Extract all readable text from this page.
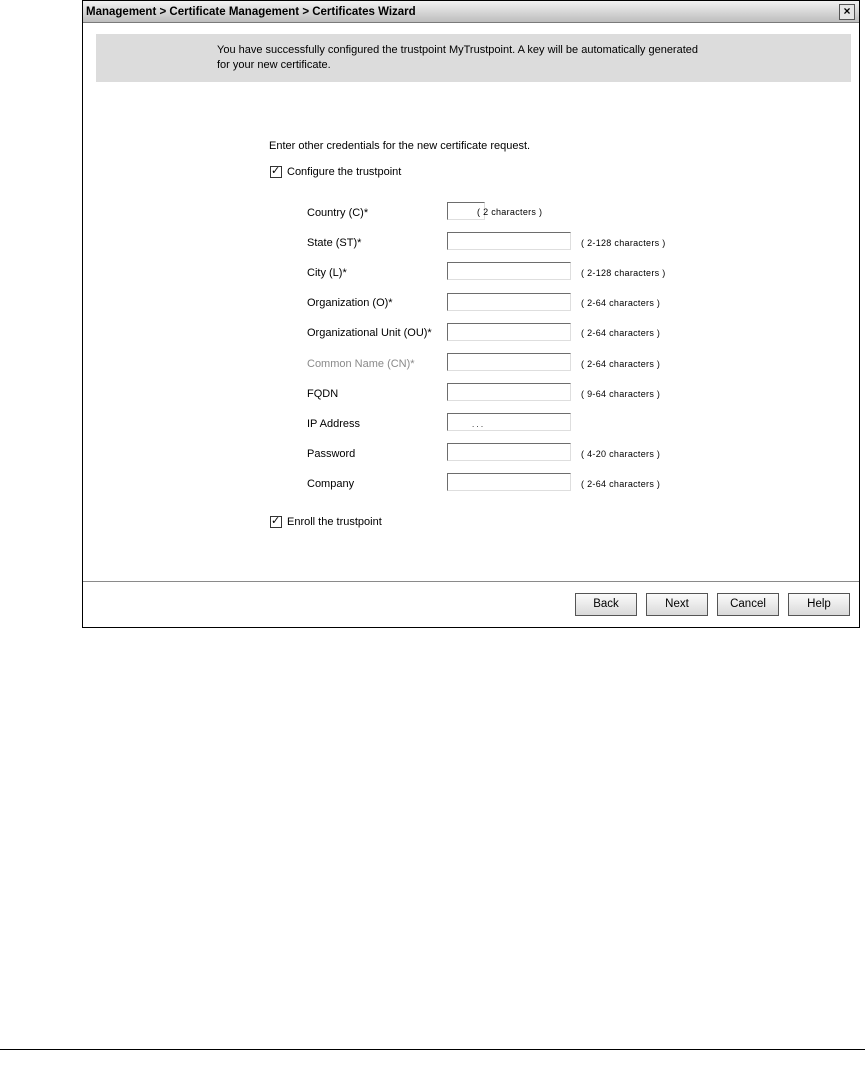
Management > Certificate Management > Certificates Wizard	×

You have successfully configured the trustpoint MyTrustpoint. A key will be automatically generated
for your new certificate.

Enter other credentials for the new certificate request.
✓
Configure the trustpoint
Country (C)*	( 2 characters )
State (ST)*	( 2-128 characters )
City (L)*	( 2-128 characters )
Organization (O)*	( 2-64 characters )
Organizational Unit (OU)*	( 2-64 characters )
Common Name (CN)*	( 2-64 characters )
FQDN	( 9-64 characters )
IP Address	. . .
Password	( 4-20 characters )
Company	( 2-64 characters )
✓
Enroll the trustpoint
Back	Next	Cancel	Help
